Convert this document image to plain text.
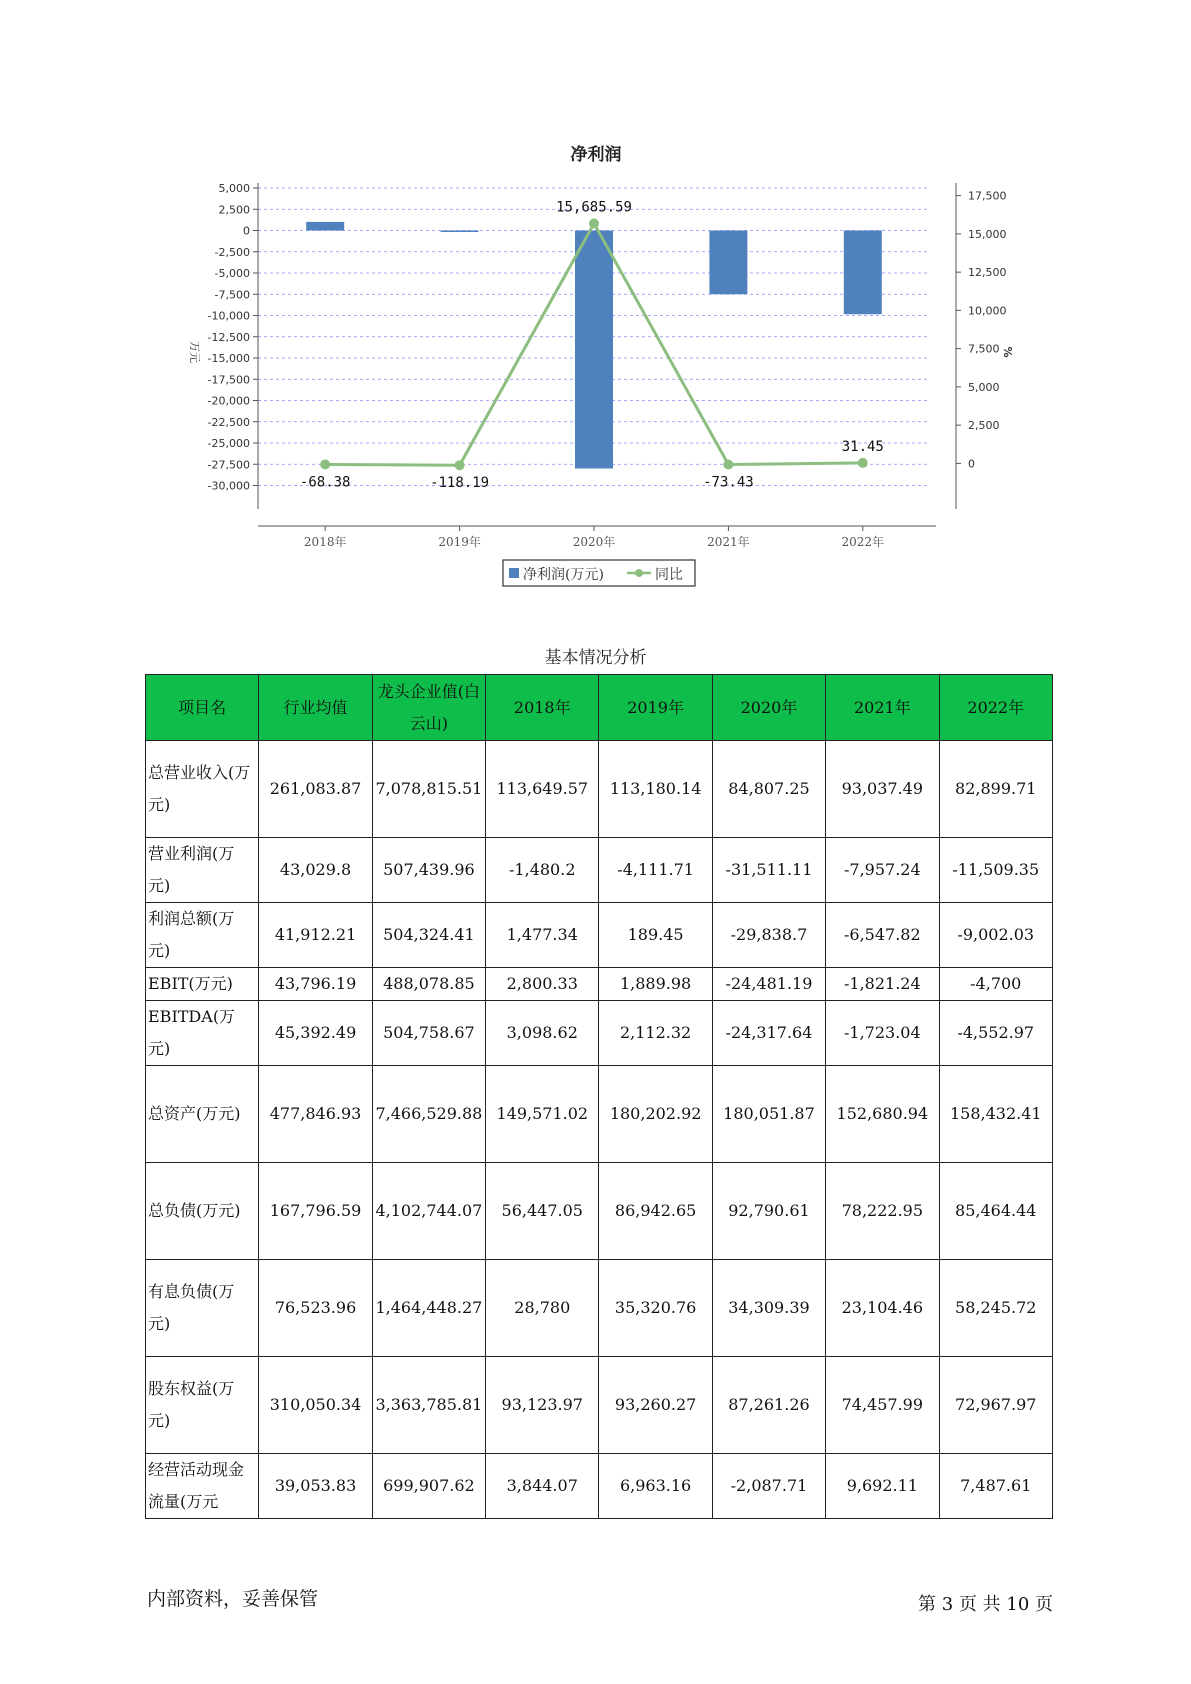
净利润
5,000
2,500
0
-2,500
-5,000
-7,500
-10,000
-12,500
-15,000
-17,500
-20,000
-22,500
-25,000
-27,500
-30,000
17,500
15,000
12,500
10,000
7,500
5,000
2,500
0
2018年	2019年	2020年	2021年	2022年
-68.38	-118.19
15,685.59
-73.43
31.45
万元	%
净利润(万元)	同比
基本情况分析
项目名	行业均值	龙头企业值(白云山)	2018年	2019年	2020年	2021年	2022年
总营业收入(万元)	261,083.87	7,078,815.51	113,649.57	113,180.14	84,807.25	93,037.49	82,899.71
营业利润(万元)	43,029.8	507,439.96	-1,480.2	-4,111.71	-31,511.11	-7,957.24	-11,509.35
利润总额(万元)	41,912.21	504,324.41	1,477.34	189.45	-29,838.7	-6,547.82	-9,002.03
EBIT(万元)	43,796.19	488,078.85	2,800.33	1,889.98	-24,481.19	-1,821.24	-4,700
EBITDA(万元)	45,392.49	504,758.67	3,098.62	2,112.32	-24,317.64	-1,723.04	-4,552.97
总资产(万元)	477,846.93	7,466,529.88	149,571.02	180,202.92	180,051.87	152,680.94	158,432.41
总负债(万元)	167,796.59	4,102,744.07	56,447.05	86,942.65	92,790.61	78,222.95	85,464.44
有息负债(万元)	76,523.96	1,464,448.27	28,780	35,320.76	34,309.39	23,104.46	58,245.72
股东权益(万元)	310,050.34	3,363,785.81	93,123.97	93,260.27	87,261.26	74,457.99	72,967.97
经营活动现金流量(万元	39,053.83	699,907.62	3,844.07	6,963.16	-2,087.71	9,692.11	7,487.61
内部资料，妥善保管	第 3 页 共 10 页
